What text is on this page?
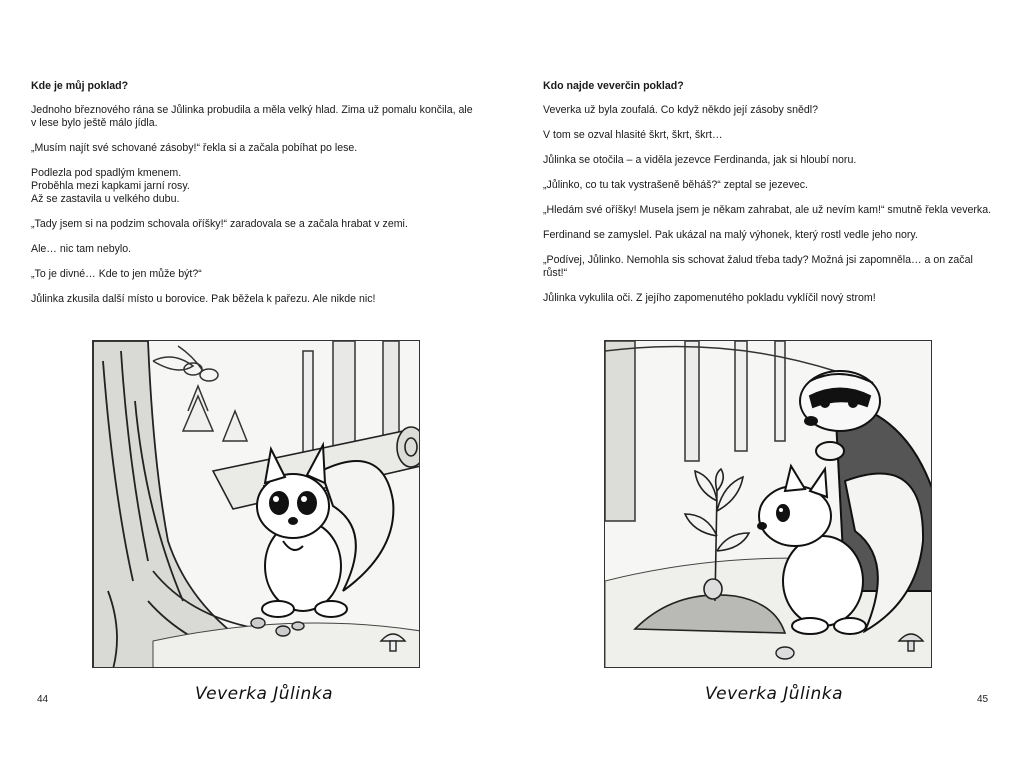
Kde je můj poklad?

Jednoho březnového rána se Jůlinka probudila a měla velký hlad. Zima už pomalu končila, ale v lese bylo ještě málo jídla.

„Musím najít své schované zásoby!“ řekla si a začala pobíhat po lese.

Podlezla pod spadlým kmenem.

Proběhla mezi kapkami jarní rosy.

Až se zastavila u velkého dubu.

„Tady jsem si na podzim schovala oříšky!“ zaradovala se a začala hrabat v zemi.

Ale… nic tam nebylo.

„To je divné… Kde to jen může být?“

Jůlinka zkusila další místo u borovice. Pak běžela k pařezu. Ale nikde nic!

Veverka Jůlinka
44

Kdo najde veverčin poklad?

Veverka už byla zoufalá. Co když někdo její zásoby snědl?

V tom se ozval hlasité škrt, škrt, škrt…

Jůlinka se otočila – a viděla jezevce Ferdinanda, jak si hloubí noru.

„Jůlinko, co tu tak vystrašeně běháš?“ zeptal se jezevec.

„Hledám své oříšky! Musela jsem je někam zahrabat, ale už nevím kam!“ smutně řekla veverka.

Ferdinand se zamyslel. Pak ukázal na malý výhonek, který rostl vedle jeho nory.

„Podívej, Jůlinko. Nemohla sis schovat žalud třeba tady? Možná jsi zapomněla… a on začal růst!“

Jůlinka vykulila oči. Z jejího zapomenutého pokladu vyklíčil nový strom!

Veverka Jůlinka	45
